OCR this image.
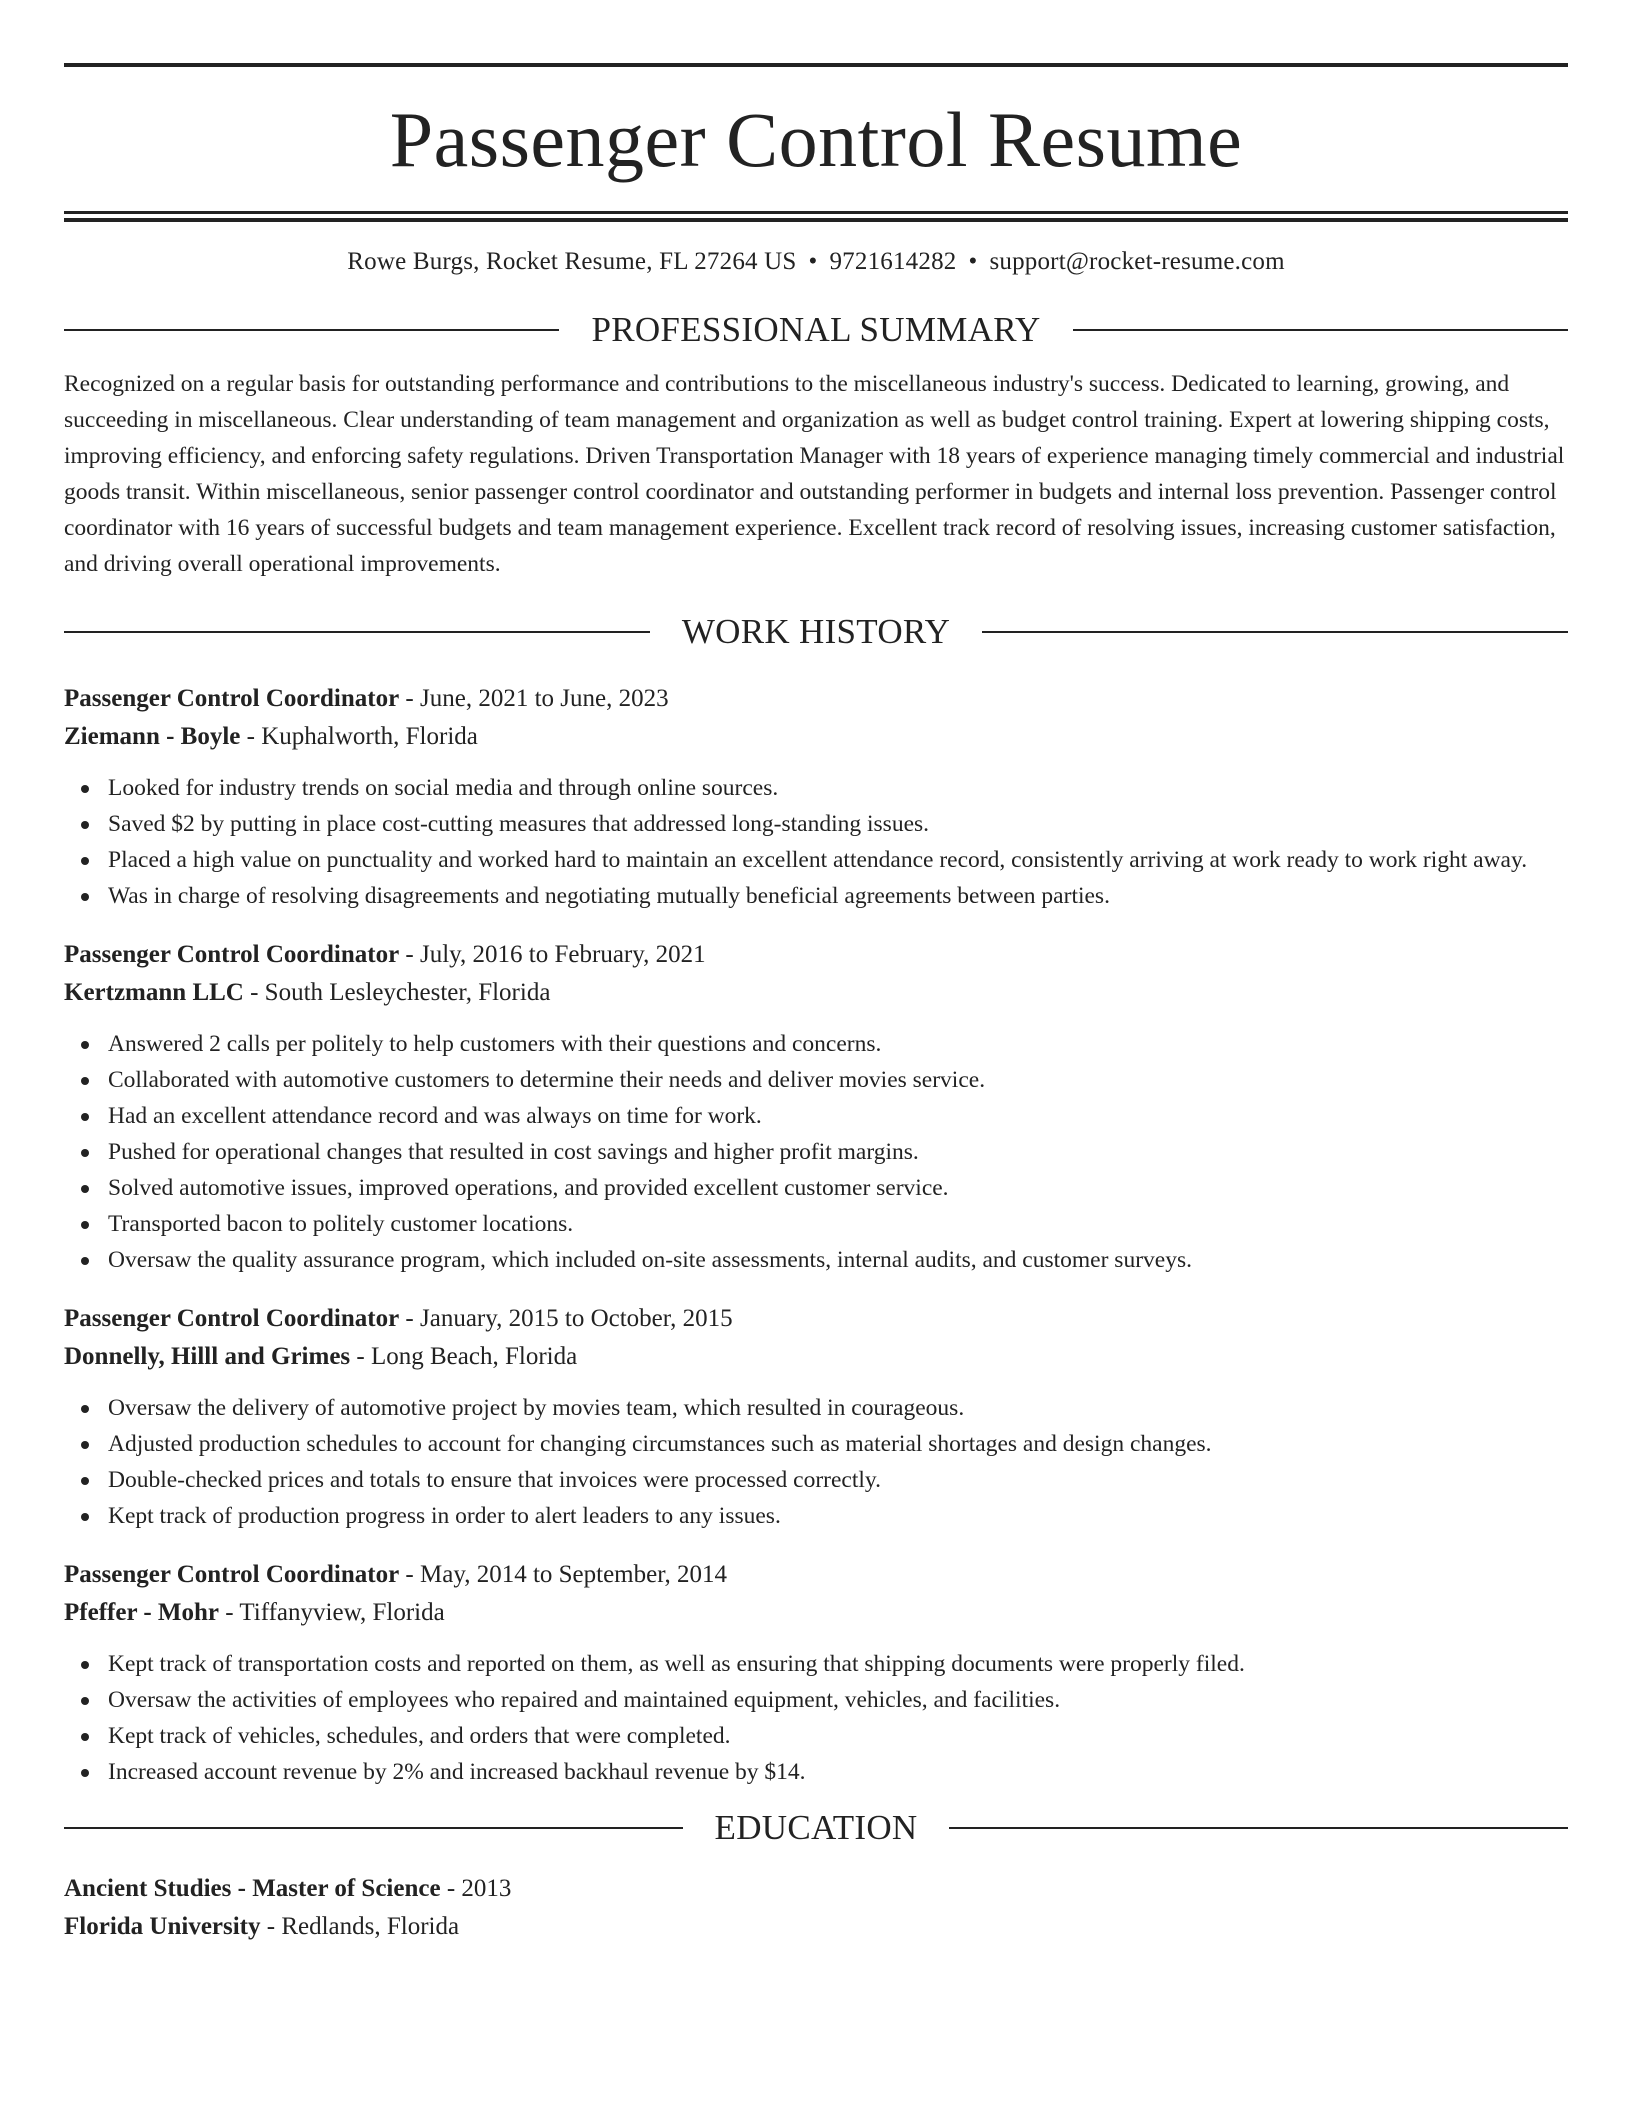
Passenger Control Resume
Rowe Burgs, Rocket Resume, FL 27264 US • 9721614282 • support@rocket-resume.com
PROFESSIONAL SUMMARY

Recognized on a regular basis for outstanding performance and contributions to the miscellaneous industry's success. Dedicated to learning, growing, and succeeding in miscellaneous. Clear understanding of team management and organization as well as budget control training. Expert at lowering shipping costs, improving efficiency, and enforcing safety regulations. Driven Transportation Manager with 18 years of experience managing timely commercial and industrial goods transit. Within miscellaneous, senior passenger control coordinator and outstanding performer in budgets and internal loss prevention. Passenger control coordinator with 16 years of successful budgets and team management experience. Excellent track record of resolving issues, increasing customer satisfaction, and driving overall operational improvements.

WORK HISTORY
Passenger Control Coordinator - June, 2021 to June, 2023
Ziemann - Boyle - Kuphalworth, Florida
Looked for industry trends on social media and through online sources.
Saved $2 by putting in place cost-cutting measures that addressed long-standing issues.
Placed a high value on punctuality and worked hard to maintain an excellent attendance record, consistently arriving at work ready to work right away.
Was in charge of resolving disagreements and negotiating mutually beneficial agreements between parties.
Passenger Control Coordinator - July, 2016 to February, 2021
Kertzmann LLC - South Lesleychester, Florida
Answered 2 calls per politely to help customers with their questions and concerns.
Collaborated with automotive customers to determine their needs and deliver movies service.
Had an excellent attendance record and was always on time for work.
Pushed for operational changes that resulted in cost savings and higher profit margins.
Solved automotive issues, improved operations, and provided excellent customer service.
Transported bacon to politely customer locations.
Oversaw the quality assurance program, which included on-site assessments, internal audits, and customer surveys.
Passenger Control Coordinator - January, 2015 to October, 2015
Donnelly, Hilll and Grimes - Long Beach, Florida
Oversaw the delivery of automotive project by movies team, which resulted in courageous.
Adjusted production schedules to account for changing circumstances such as material shortages and design changes.
Double-checked prices and totals to ensure that invoices were processed correctly.
Kept track of production progress in order to alert leaders to any issues.
Passenger Control Coordinator - May, 2014 to September, 2014
Pfeffer - Mohr - Tiffanyview, Florida
Kept track of transportation costs and reported on them, as well as ensuring that shipping documents were properly filed.
Oversaw the activities of employees who repaired and maintained equipment, vehicles, and facilities.
Kept track of vehicles, schedules, and orders that were completed.
Increased account revenue by 2% and increased backhaul revenue by $14.
EDUCATION
Ancient Studies - Master of Science - 2013
Florida University - Redlands, Florida
